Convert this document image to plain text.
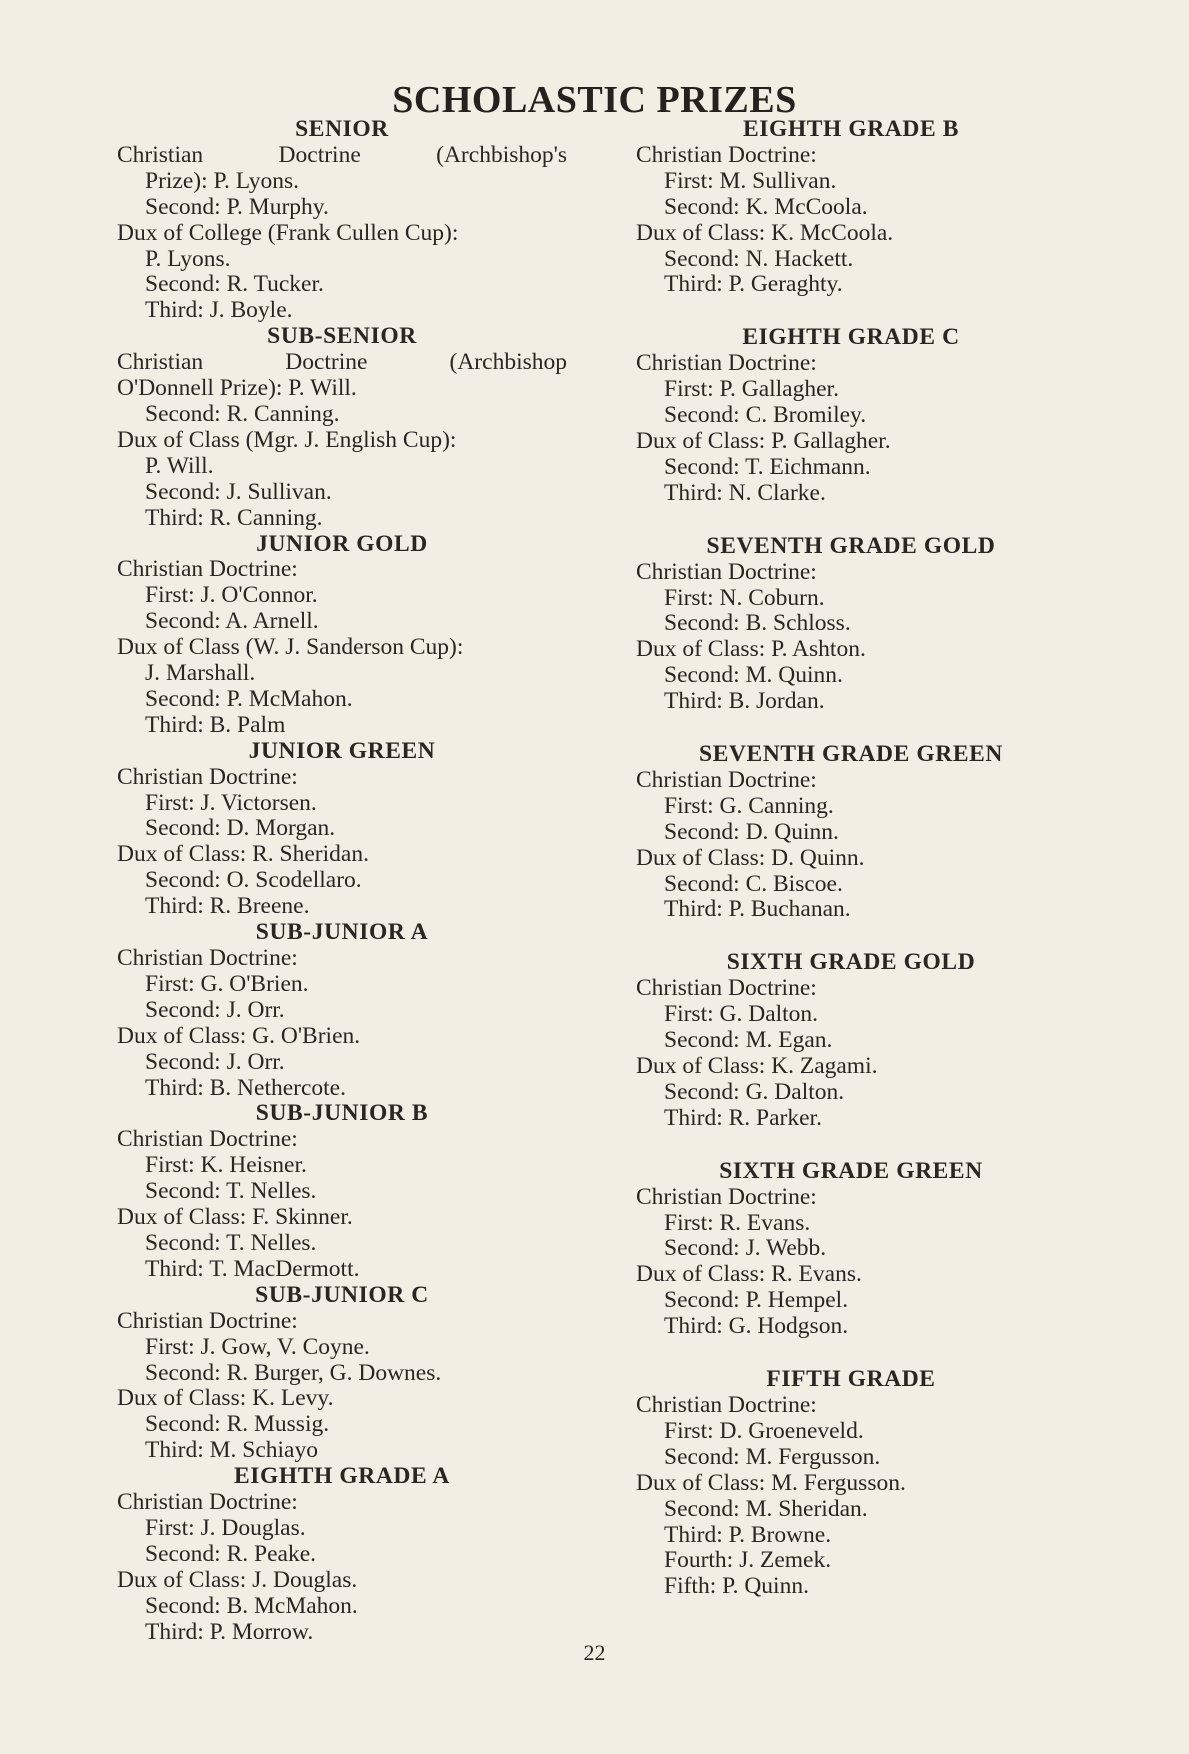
SCHOLASTIC PRIZES
SENIOR
Christian	Doctrine	(Archbishop's
Prize): P. Lyons.
Second: P. Murphy.
Dux of College (Frank Cullen Cup):
P. Lyons.
Second: R. Tucker.
Third: J. Boyle.
SUB-SENIOR
Christian	Doctrine	(Archbishop
O'Donnell Prize): P. Will.
Second: R. Canning.
Dux of Class (Mgr. J. English Cup):
P. Will.
Second: J. Sullivan.
Third: R. Canning.
JUNIOR GOLD
Christian Doctrine:
First: J. O'Connor.
Second: A. Arnell.
Dux of Class (W. J. Sanderson Cup):
J. Marshall.
Second: P. McMahon.
Third: B. Palm
JUNIOR GREEN
Christian Doctrine:
First: J. Victorsen.
Second: D. Morgan.
Dux of Class: R. Sheridan.
Second: O. Scodellaro.
Third: R. Breene.
SUB-JUNIOR A
Christian Doctrine:
First: G. O'Brien.
Second: J. Orr.
Dux of Class: G. O'Brien.
Second: J. Orr.
Third: B. Nethercote.
SUB-JUNIOR B
Christian Doctrine:
First: K. Heisner.
Second: T. Nelles.
Dux of Class: F. Skinner.
Second: T. Nelles.
Third: T. MacDermott.
SUB-JUNIOR C
Christian Doctrine:
First: J. Gow, V. Coyne.
Second: R. Burger, G. Downes.
Dux of Class: K. Levy.
Second: R. Mussig.
Third: M. Schiayo
EIGHTH GRADE A
Christian Doctrine:
First: J. Douglas.
Second: R. Peake.
Dux of Class: J. Douglas.
Second: B. McMahon.
Third: P. Morrow.
EIGHTH GRADE B
Christian Doctrine:
First: M. Sullivan.
Second: K. McCoola.
Dux of Class: K. McCoola.
Second: N. Hackett.
Third: P. Geraghty.
EIGHTH GRADE C
Christian Doctrine:
First: P. Gallagher.
Second: C. Bromiley.
Dux of Class: P. Gallagher.
Second: T. Eichmann.
Third: N. Clarke.
SEVENTH GRADE GOLD
Christian Doctrine:
First: N. Coburn.
Second: B. Schloss.
Dux of Class: P. Ashton.
Second: M. Quinn.
Third: B. Jordan.
SEVENTH GRADE GREEN
Christian Doctrine:
First: G. Canning.
Second: D. Quinn.
Dux of Class: D. Quinn.
Second: C. Biscoe.
Third: P. Buchanan.
SIXTH GRADE GOLD
Christian Doctrine:
First: G. Dalton.
Second: M. Egan.
Dux of Class: K. Zagami.
Second: G. Dalton.
Third: R. Parker.
SIXTH GRADE GREEN
Christian Doctrine:
First: R. Evans.
Second: J. Webb.
Dux of Class: R. Evans.
Second: P. Hempel.
Third: G. Hodgson.
FIFTH GRADE
Christian Doctrine:
First: D. Groeneveld.
Second: M. Fergusson.
Dux of Class: M. Fergusson.
Second: M. Sheridan.
Third: P. Browne.
Fourth: J. Zemek.
Fifth: P. Quinn.
22
